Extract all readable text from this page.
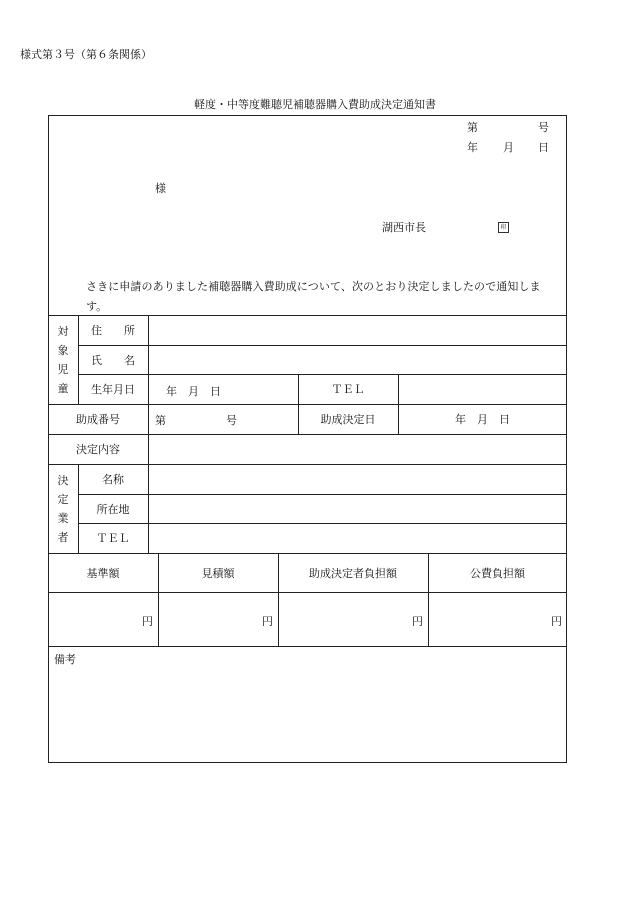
様式第３号（第６条関係）
軽度・中等度難聴児補聴器購入費助成決定通知書
第	号
年 月 日
様
湖西市長	印
さきに申請のありました補聴器購入費助成について、次のとおり決定しましたので通知しま
す。
対
象
児
童
住　　所
氏　　名
生年月日	年　月　日	ＴＥＬ
助成番号	第	号	助成決定日	年　月　日
決定内容
決
定
業
者
名称
所在地
ＴＥＬ
基準額	見積額	助成決定者負担額	公費負担額
円	円	円	円
備考
